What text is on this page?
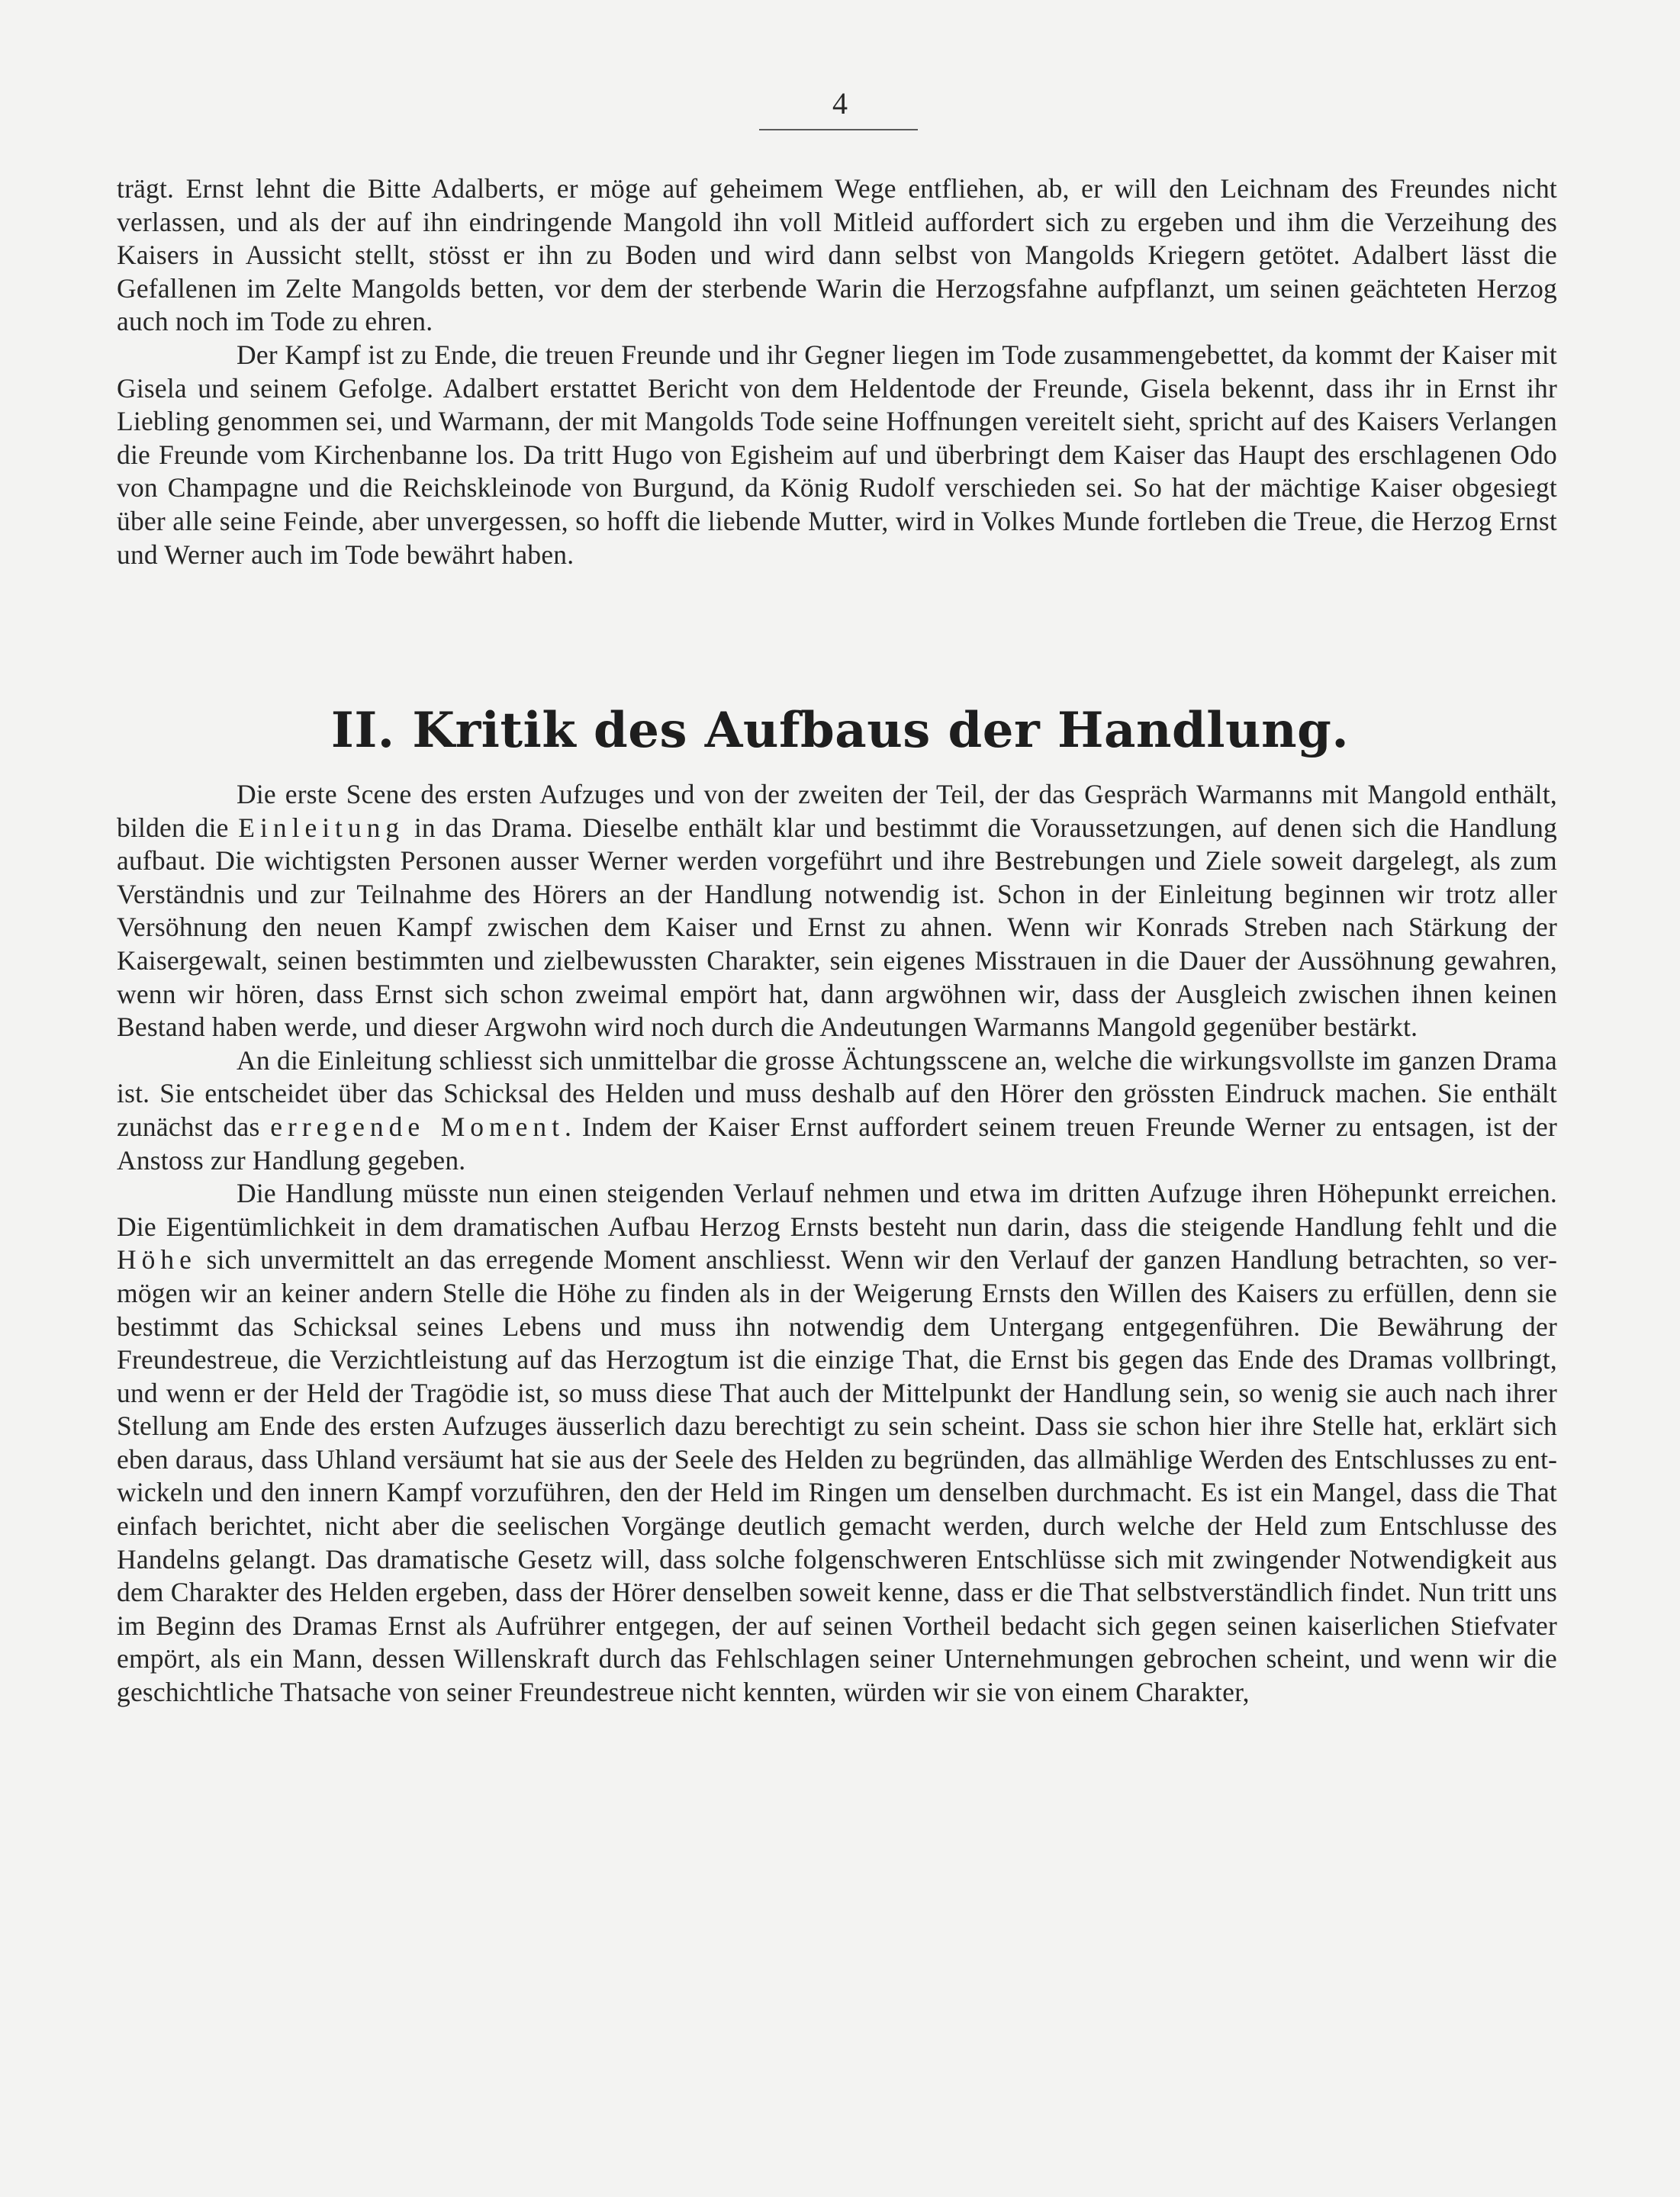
4

trägt. Ernst lehnt die Bitte Adalberts, er möge auf geheimem Wege entfliehen, ab, er will den Leichnam des Freundes nicht verlassen, und als der auf ihn eindringende Mangold ihn voll Mitleid auffordert sich zu ergeben und ihm die Verzeihung des Kaisers in Aussicht stellt, stösst er ihn zu Boden und wird dann selbst von Mangolds Kriegern getötet. Adalbert lässt die Gefallenen im Zelte Mangolds betten, vor dem der sterbende Warin die Herzogsfahne aufpflanzt, um seinen geächteten Herzog auch noch im Tode zu ehren.

Der Kampf ist zu Ende, die treuen Freunde und ihr Gegner liegen im Tode zusammengebettet, da kommt der Kaiser mit Gisela und seinem Gefolge. Adalbert erstattet Bericht von dem Heldentode der Freunde, Gisela bekennt, dass ihr in Ernst ihr Liebling genommen sei, und Warmann, der mit Mangolds Tode seine Hoffnungen vereitelt sieht, spricht auf des Kaisers Verlangen die Freunde vom Kirchenbanne los. Da tritt Hugo von Egisheim auf und überbringt dem Kaiser das Haupt des erschlagenen Odo von Champagne und die Reichskleinode von Burgund, da König Rudolf verschieden sei. So hat der mächtige Kaiser obgesiegt über alle seine Feinde, aber unvergessen, so hofft die liebende Mutter, wird in Volkes Munde fortleben die Treue, die Herzog Ernst und Werner auch im Tode bewährt haben.

II. Kritik des Aufbaus der Handlung.

Die erste Scene des ersten Aufzuges und von der zweiten der Teil, der das Gespräch Warmanns mit Mangold enthält, bilden die Einleitung in das Drama. Dieselbe enthält klar und bestimmt die Voraussetzungen, auf denen sich die Handlung aufbaut. Die wichtigsten Personen ausser Werner werden vorgeführt und ihre Bestrebungen und Ziele soweit dargelegt, als zum Verständnis und zur Teilnahme des Hörers an der Handlung notwendig ist. Schon in der Einleitung beginnen wir trotz aller Versöhnung den neuen Kampf zwischen dem Kaiser und Ernst zu ahnen. Wenn wir Konrads Streben nach Stärkung der Kaisergewalt, seinen bestimmten und zielbewussten Charakter, sein eigenes Misstrauen in die Dauer der Aussöhnung gewahren, wenn wir hören, dass Ernst sich schon zweimal empört hat, dann argwöhnen wir, dass der Ausgleich zwischen ihnen keinen Bestand haben werde, und dieser Argwohn wird noch durch die Andeutungen Warmanns Mangold gegenüber bestärkt.

An die Einleitung schliesst sich unmittelbar die grosse Ächtungsscene an, welche die wirkungsvollste im ganzen Drama ist. Sie entscheidet über das Schicksal des Helden und muss deshalb auf den Hörer den grössten Eindruck machen. Sie enthält zunächst das erregende Moment. Indem der Kaiser Ernst auffordert seinem treuen Freunde Werner zu entsagen, ist der Anstoss zur Handlung gegeben.

Die Handlung müsste nun einen steigenden Verlauf nehmen und etwa im dritten Aufzuge ihren Höhepunkt erreichen. Die Eigentümlichkeit in dem dramatischen Aufbau Herzog Ernsts besteht nun darin, dass die steigende Handlung fehlt und die Höhe sich unvermittelt an das erregende Moment anschliesst. Wenn wir den Verlauf der ganzen Handlung betrachten, so vermögen wir an keiner andern Stelle die Höhe zu finden als in der Weigerung Ernsts den Willen des Kaisers zu erfüllen, denn sie bestimmt das Schicksal seines Lebens und muss ihn notwendig dem Untergang entgegenführen. Die Bewährung der Freundestreue, die Verzichtleistung auf das Herzogtum ist die einzige That, die Ernst bis gegen das Ende des Dramas vollbringt, und wenn er der Held der Tragödie ist, so muss diese That auch der Mittelpunkt der Handlung sein, so wenig sie auch nach ihrer Stellung am Ende des ersten Aufzuges äusserlich dazu berechtigt zu sein scheint. Dass sie schon hier ihre Stelle hat, erklärt sich eben daraus, dass Uhland versäumt hat sie aus der Seele des Helden zu begründen, das allmählige Werden des Entschlusses zu entwickeln und den innern Kampf vorzuführen, den der Held im Ringen um denselben durchmacht. Es ist ein Mangel, dass die That einfach berichtet, nicht aber die seelischen Vorgänge deutlich gemacht werden, durch welche der Held zum Entschlusse des Handelns gelangt. Das dramatische Gesetz will, dass solche folgenschweren Entschlüsse sich mit zwingender Notwendigkeit aus dem Charakter des Helden ergeben, dass der Hörer denselben soweit kenne, dass er die That selbstverständlich findet. Nun tritt uns im Beginn des Dramas Ernst als Aufrührer entgegen, der auf seinen Vortheil bedacht sich gegen seinen kaiserlichen Stiefvater empört, als ein Mann, dessen Willenskraft durch das Fehlschlagen seiner Unternehmungen gebrochen scheint, und wenn wir die geschichtliche Thatsache von seiner Freundestreue nicht kennten, würden wir sie von einem Charakter,
